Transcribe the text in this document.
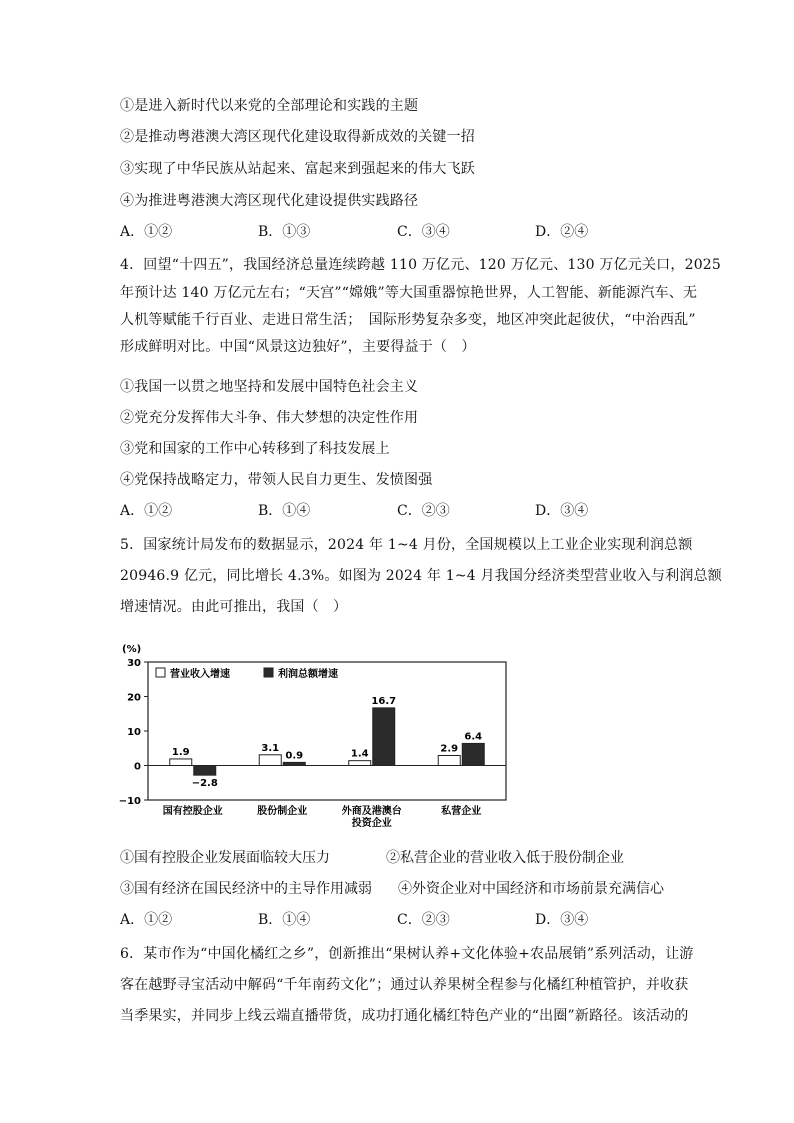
①是进入新时代以来党的全部理论和实践的主题
②是推动粤港澳大湾区现代化建设取得新成效的关键一招
③实现了中华民族从站起来、富起来到强起来的伟大飞跃
④为推进粤港澳大湾区现代化建设提供实践路径
A．①②	B．①③	C．③④	D．②④
4．回望“十四五”，我国经济总量连续跨越 110 万亿元、120 万亿元、130 万亿元关口，2025
年预计达 140 万亿元左右；“天宫”“嫦娥”等大国重器惊艳世界，人工智能、新能源汽车、无
人机等赋能千行百业、走进日常生活；　国际形势复杂多变，地区冲突此起彼伏，“中治西乱”
形成鲜明对比。中国“风景这边独好”，主要得益于（　）
①我国一以贯之地坚持和发展中国特色社会主义
②党充分发挥伟大斗争、伟大梦想的决定性作用
③党和国家的工作中心转移到了科技发展上
④党保持战略定力，带领人民自力更生、发愤图强
A．①②	B．①④	C．②③	D．③④
5．国家统计局发布的数据显示，2024 年 1~4 月份，全国规模以上工业企业实现利润总额
20946.9 亿元，同比增长 4.3%。如图为 2024 年 1~4 月我国分经济类型营业收入与利润总额
增速情况。由此可推出，我国（　）
(%)
30
20
10
0
−10
营业收入增速	利润总额增速
1.9
−2.8
国有控股企业
3.1
0.9
股份制企业
1.4
16.7
外商及港澳台
投资企业
2.9
6.4
私营企业
①国有控股企业发展面临较大压力	②私营企业的营业收入低于股份制企业
③国有经济在国民经济中的主导作用减弱 ④外资企业对中国经济和市场前景充满信心
A．①②	B．①④	C．②③	D．③④
6．某市作为“中国化橘红之乡”，创新推出“果树认养+文化体验+农品展销”系列活动，让游
客在越野寻宝活动中解码“千年南药文化”；通过认养果树全程参与化橘红种植管护，并收获
当季果实，并同步上线云端直播带货，成功打通化橘红特色产业的“出圈”新路径。该活动的
